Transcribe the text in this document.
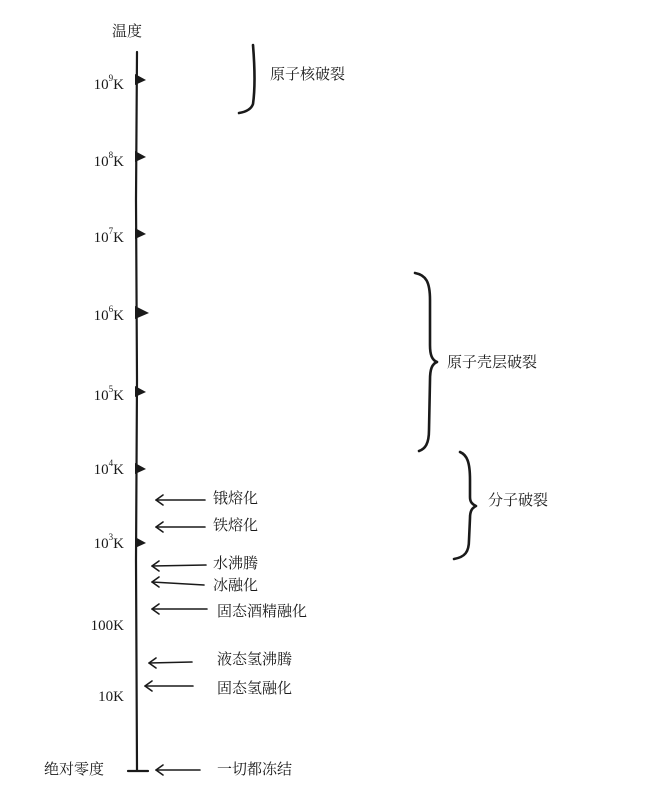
温度
$10^9K$
$10^8K$
$10^7K$
$10^6K$
$10^5K$
$10^4K$
$10^3K$
100K
10K
绝对零度
锇熔化
铁熔化
水沸腾
冰融化
固态酒精融化
液态氢沸腾
固态氢融化
一切都冻结
原子核破裂
原子壳层破裂
分子破裂
